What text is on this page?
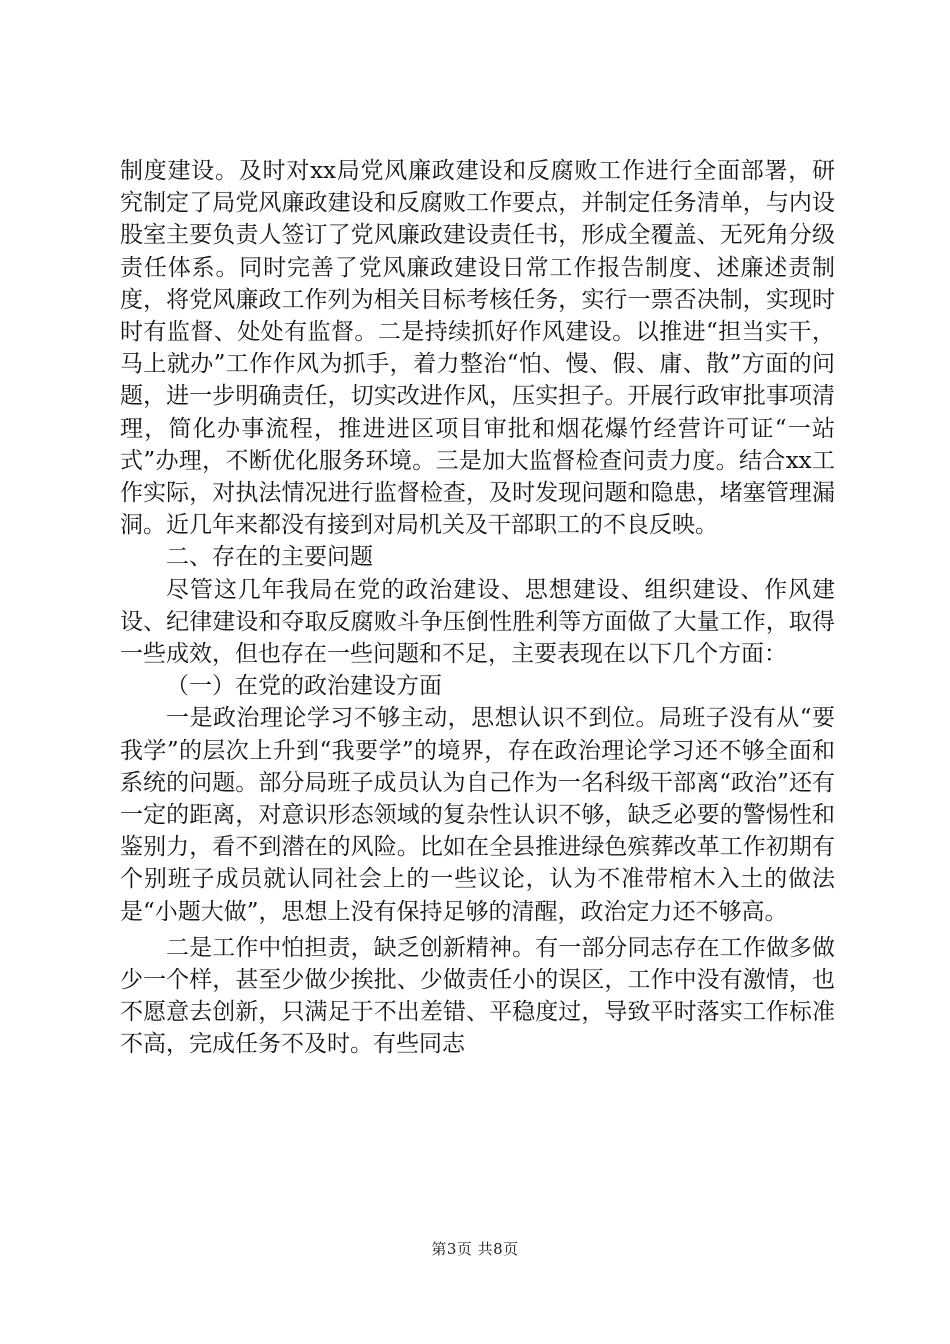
制度建设。及时对xx局党风廉政建设和反腐败工作进行全面部署，研究制定了局党风廉政建设和反腐败工作要点，并制定任务清单，与内设股室主要负责人签订了党风廉政建设责任书，形成全覆盖、无死角分级责任体系。同时完善了党风廉政建设日常工作报告制度、述廉述责制度，将党风廉政工作列为相关目标考核任务，实行一票否决制，实现时时有监督、处处有监督。二是持续抓好作风建设。以推进“担当实干，马上就办”工作作风为抓手，着力整治“怕、慢、假、庸、散”方面的问题，进一步明确责任，切实改进作风，压实担子。开展行政审批事项清理，简化办事流程，推进进区项目审批和烟花爆竹经营许可证“一站式”办理，不断优化服务环境。三是加大监督检查问责力度。结合xx工作实际，对执法情况进行监督检查，及时发现问题和隐患，堵塞管理漏洞。近几年来都没有接到对局机关及干部职工的不良反映。

二、存在的主要问题

尽管这几年我局在党的政治建设、思想建设、组织建设、作风建设、纪律建设和夺取反腐败斗争压倒性胜利等方面做了大量工作，取得一些成效，但也存在一些问题和不足，主要表现在以下几个方面：

（一）在党的政治建设方面

一是政治理论学习不够主动，思想认识不到位。局班子没有从“要我学”的层次上升到“我要学”的境界，存在政治理论学习还不够全面和系统的问题。部分局班子成员认为自己作为一名科级干部离“政治”还有一定的距离，对意识形态领域的复杂性认识不够，缺乏必要的警惕性和鉴别力，看不到潜在的风险。比如在全县推进绿色殡葬改革工作初期有个别班子成员就认同社会上的一些议论，认为不准带棺木入土的做法是“小题大做”，思想上没有保持足够的清醒，政治定力还不够高。

二是工作中怕担责，缺乏创新精神。有一部分同志存在工作做多做少一个样，甚至少做少挨批、少做责任小的误区，工作中没有激情，也不愿意去创新，只满足于不出差错、平稳度过，导致平时落实工作标准不高，完成任务不及时。有些同志

第3页 共8页
